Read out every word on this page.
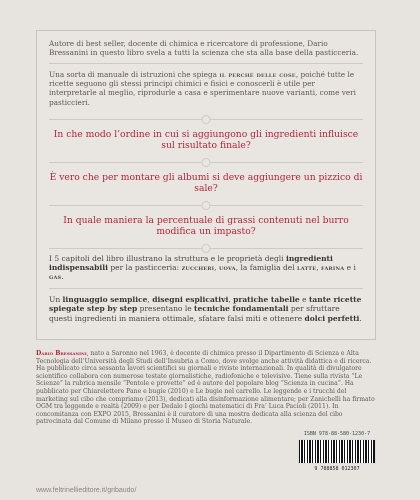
Autore di best seller, docente di chimica e ricercatore di professione, Dario Bressanini in questo libro svela a tutti la scienza che sta alla base della pasticceria.

Una sorta di manuale di istruzioni che spiega il perché delle cose, poiché tutte le ricette seguono gli stessi principi chimici e fisici e conoscerli è utile per interpretarle al meglio, riprodurle a casa e sperimentare nuove varianti, come veri pasticcieri.

In che modo l’ordine in cui si aggiungono gli ingredienti influisce sul risultato finale?
È vero che per montare gli albumi si deve aggiungere un pizzico di sale?
In quale maniera la percentuale di grassi contenuti nel burro modifica un impasto?

I 5 capitoli del libro illustrano la struttura e le proprietà degli ingredienti indispensabili per la pasticceria: zuccheri, uova, la famiglia del latte, farina e i gas.

Un linguaggio semplice, disegni esplicativi, pratiche tabelle e tante ricette spiegate step by step presentano le tecniche fondamentali per sfruttare questi ingredienti in maniera ottimale, sfatare falsi miti e ottenere dolci perfetti.

Dario Bressanini, nato a Saronno nel 1963, è docente di chimica presso il Dipartimento di Scienza e Alta Tecnologia dell’Università degli Studi dell’Insubria a Como, dove svolge anche attività didattica e di ricerca. Ha pubblicato circa sessanta lavori scientifici su giornali e riviste internazionali. In qualità di divulgatore scientifico collabora con numerose testate giornalistiche, radiofoniche e televisive. Tiene sulla rivista “Le Scienze” la rubrica mensile “Pentole e provette” ed è autore del popolare blog “Scienza in cucina”. Ha pubblicato per Chiarelettere Pane e bugie (2010) e Le bugie nel carrello. Le leggende e i trucchi del marketing sul cibo che compriamo (2013), dedicati alla disinformazione alimentare; per Zanichelli ha firmato OGM tra leggende e realtà (2009) e per Dedalo I giochi matematici di Fra’ Luca Pacioli (2011). In concomitanza con EXPO 2015, Bressanini è il curatore di una mostra dedicata alla scienza del cibo patrocinata dal Comune di Milano presso il Museo di Storia Naturale.
ISBN 978-88-580-1230-7
9 788858 012307
www.feltrinellieditore.it/gribaudo/
